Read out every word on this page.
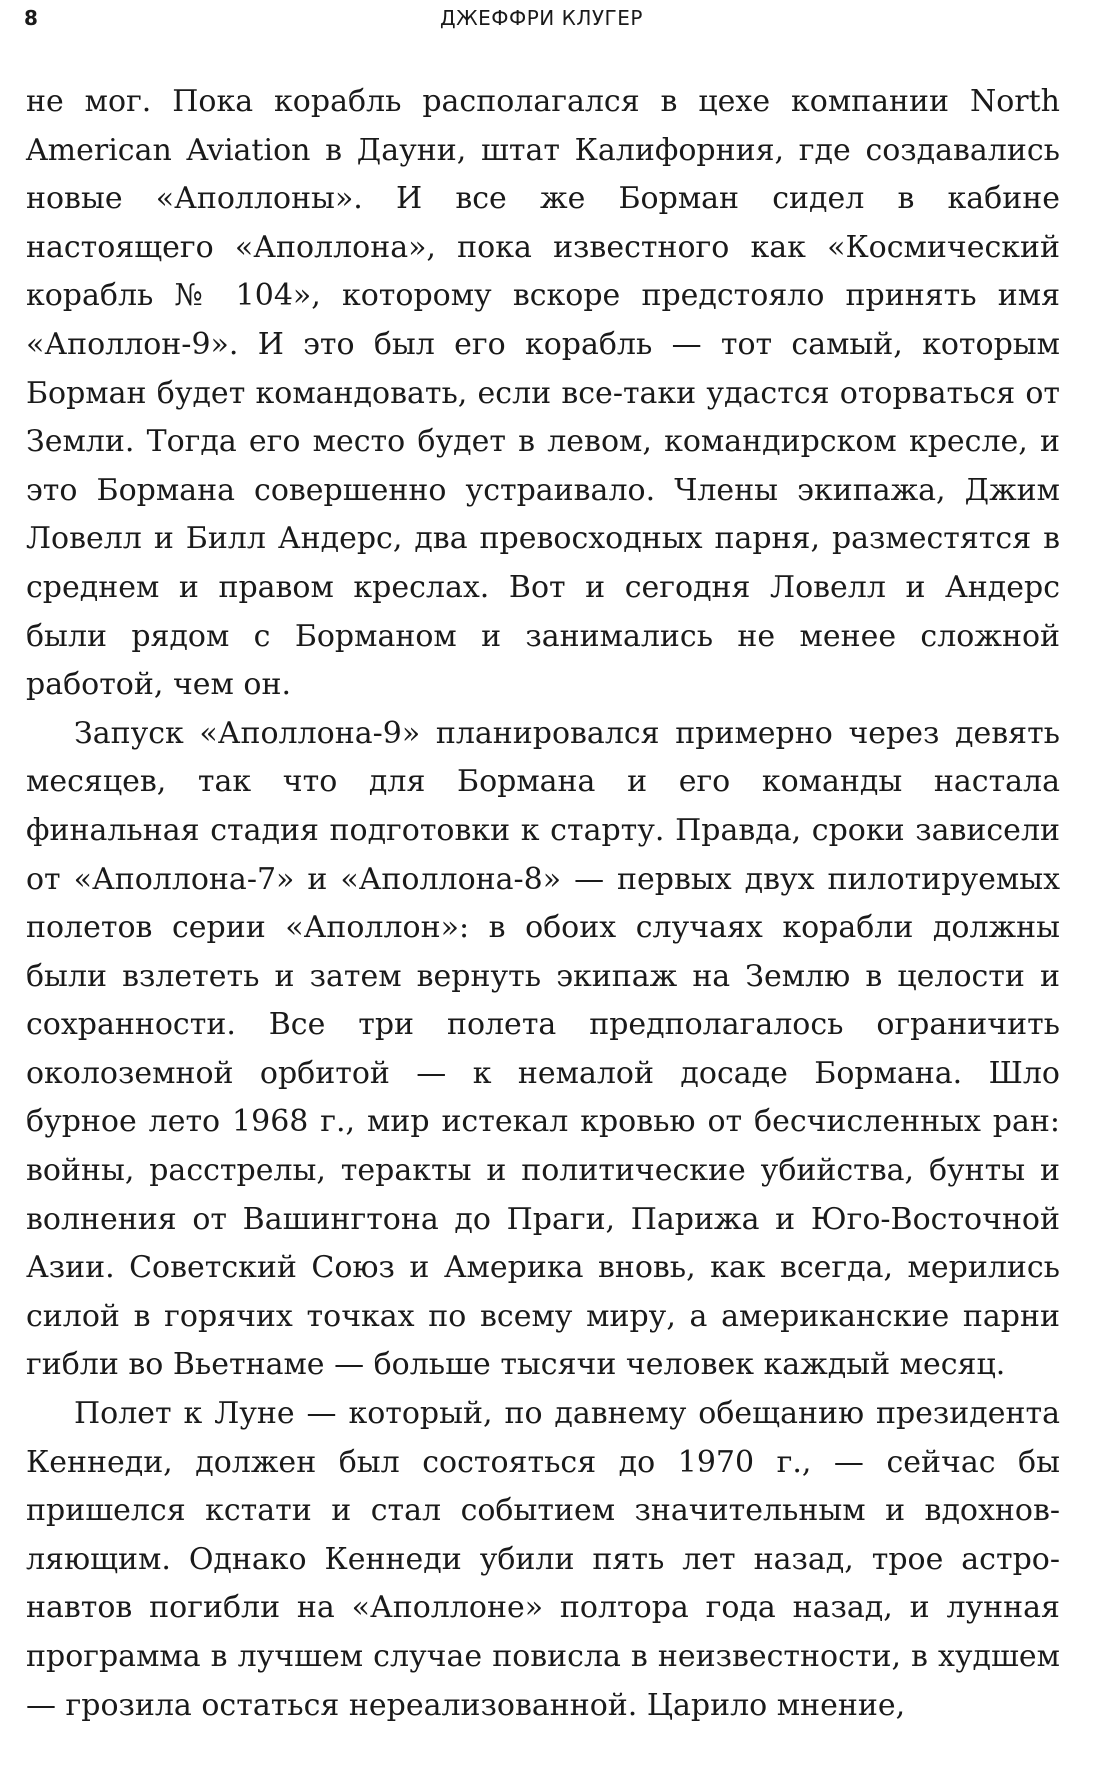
8	ДЖЕФФРИ КЛУГЕР

не мог. Пока корабль располагался в цехе компании North American Aviation в Дауни, штат Калифорния, где создавались новые «Аполлоны». И все же Борман сидел в кабине настоящего «Аполлона», пока известного как «Космический корабль № 104», которому вскоре предстояло принять имя «Аполлон-9». И это был его корабль — тот самый, которым Борман будет командовать, если все-таки удастся оторваться от Земли. Тогда его место будет в левом, командирском кресле, и это Бормана совершенно устраивало. Члены экипажа, Джим Ловелл и Билл Андерс, два превосходных парня, разместятся в среднем и правом креслах. Вот и сегодня Ловелл и Андерс были рядом с Борманом и занимались не менее сложной работой, чем он.

Запуск «Аполлона-9» планировался примерно через девять месяцев, так что для Бормана и его команды настала финальная стадия подготовки к старту. Правда, сроки зависели от «Аполлона-7» и «Аполлона-8» — первых двух пилотируемых полетов серии «Аполлон»: в обоих случаях корабли должны были взлететь и затем вернуть экипаж на Землю в целости и сохранности. Все три полета предполагалось ограничить околоземной орбитой — к немалой досаде Бормана. Шло бурное лето 1968 г., мир истекал кровью от бесчисленных ран: войны, расстрелы, теракты и политические убийства, бунты и волнения от Вашингтона до Праги, Парижа и Юго-Восточной Азии. Советский Союз и Америка вновь, как всегда, мерились силой в горячих точках по всему миру, а американские парни гибли во Вьетнаме — больше тысячи человек каждый месяц.

Полет к Луне — который, по давнему обещанию президента Кеннеди, должен был состояться до 1970 г., — сейчас бы пришелся кстати и стал событием значительным и вдохновляющим. Однако Кеннеди убили пять лет назад, трое астронавтов погибли на «Аполлоне» полтора года назад, и лунная программа в лучшем случае повисла в неизвестности, в худшем — грозила остаться нереализованной. Царило мнение,
